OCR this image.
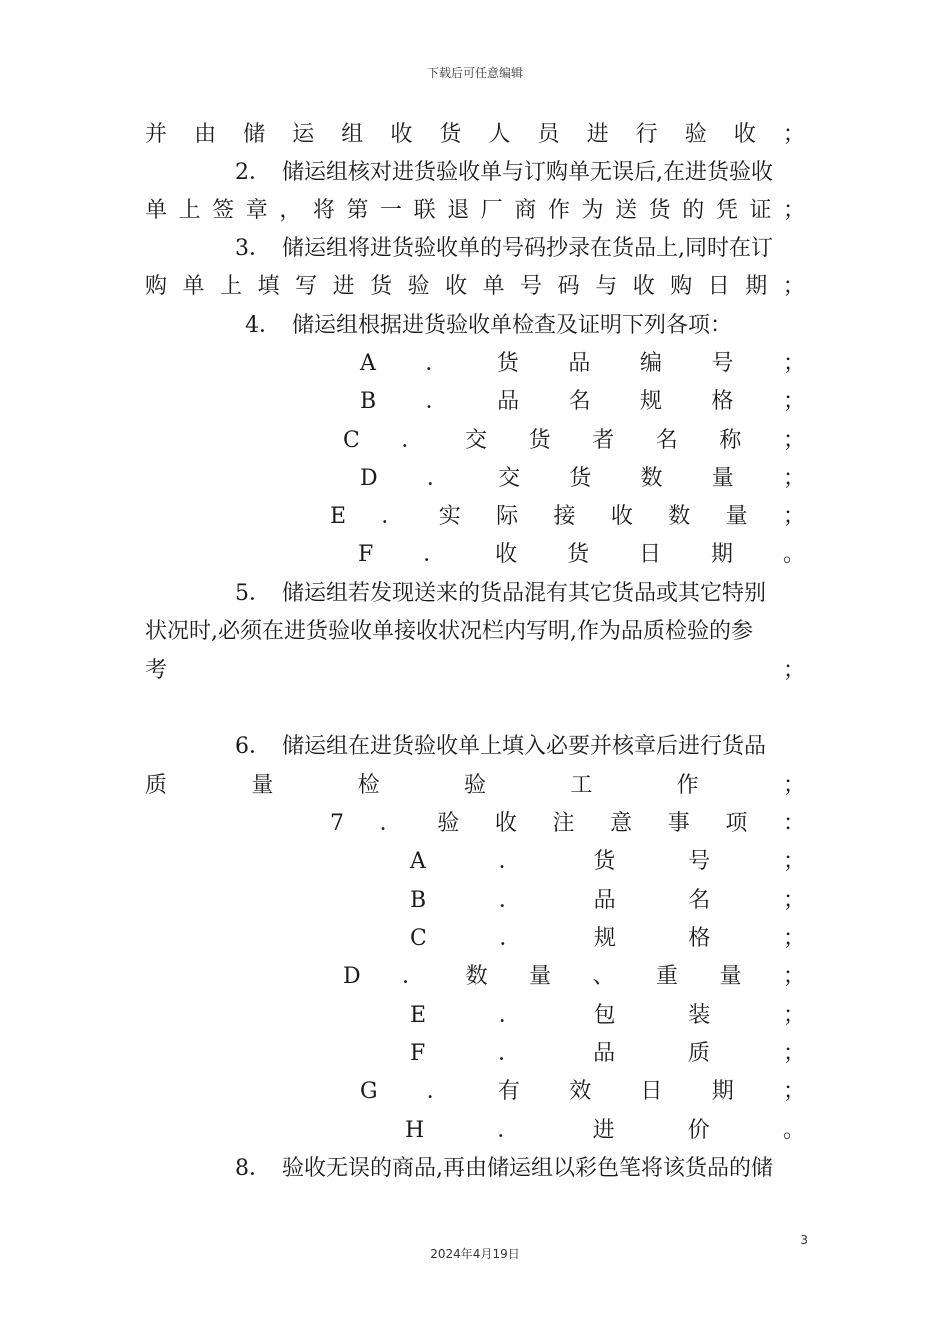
下载后可任意编辑
并 由 储 运 组 收 货 人 员 进 行 验 收 ；
2．　储运组核对进货验收单与订购单无误后,在进货验收
单 上 签 章 ， 将 第 一 联 退 厂 商 作 为 送 货 的 凭 证 ；
3．　储运组将进货验收单的号码抄录在货品上,同时在订
购 单 上 填 写 进 货 验 收 单 号 码 与 收 购 日 期 ；
4．　储运组根据进货验收单检查及证明下列各项：
A ． 货 品 编 号 ；
B ． 品 名 规 格 ；
C ． 交 货 者 名 称 ；
D ． 交 货 数 量 ；
E ． 实 际 接 收 数 量 ；
F ． 收 货 日 期 。
5．　储运组若发现送来的货品混有其它货品或其它特别
状况时,必须在进货验收单接收状况栏内写明,作为品质检验的参
考	；
6．　储运组在进货验收单上填入必要并核章后进行货品
质	量	检	验	工	作	；
7 ． 验 收 注 意 事 项 ：
A	．	货	号	；
B	．	品	名	；
C	．	规	格	；
D ． 数 量 、 重 量 ；
E	．	包	装	；
F	．	品	质	；
G ． 有 效 日 期 ；
H	．	进	价	。
8．　验收无误的商品,再由储运组以彩色笔将该货品的储
3
2024年4月19日
